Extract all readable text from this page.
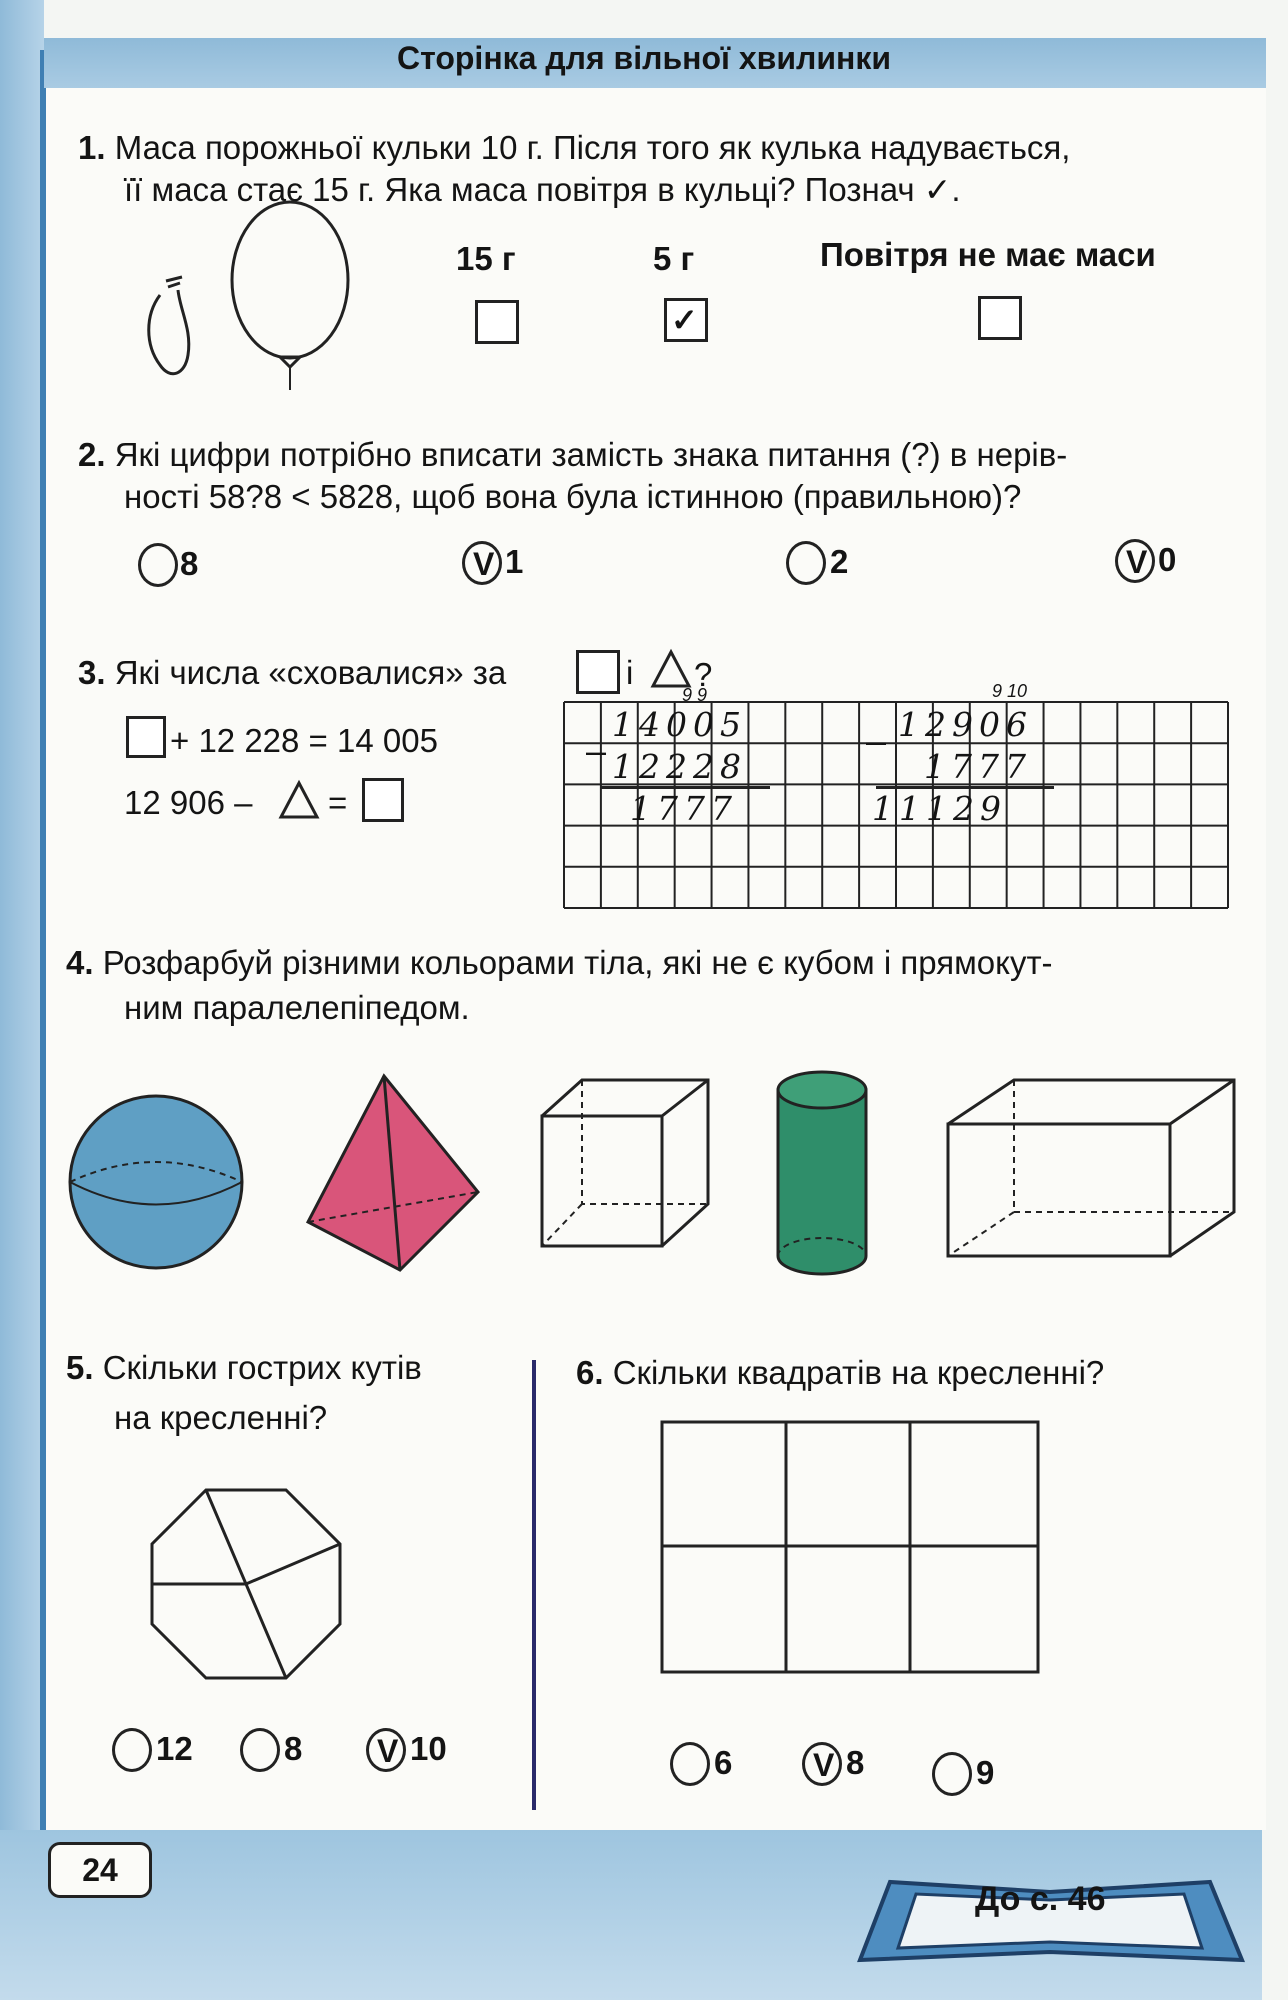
Сторінка для вільної хвилинки
1. Маса порожньої кульки 10 г. Після того як кулька надувається,
її маса стає 15 г. Яка маса повітря в кульці? Познач ✓.
15 г	5 г	Повітря не має маси
✓
2. Які цифри потрібно вписати замість знака питання (?) в нерів-
ності 58?8 < 5828, щоб вона була істинною (правильною)?
8	V 1	2	V 0
3. Які числа «сховалися» за	і ?
+ 12 228 = 14 005
12 906 – =
14005
– 12228
1777
9 9
12906
–
1777
11129
9 10
4. Розфарбуй різними кольорами тіла, які не є кубом і прямокут-
ним паралелепіпедом.
5. Скільки гострих кутів
на кресленні?
12	8 V 10
6. Скільки квадратів на кресленні?
6	V 8	9
24
До с. 46
